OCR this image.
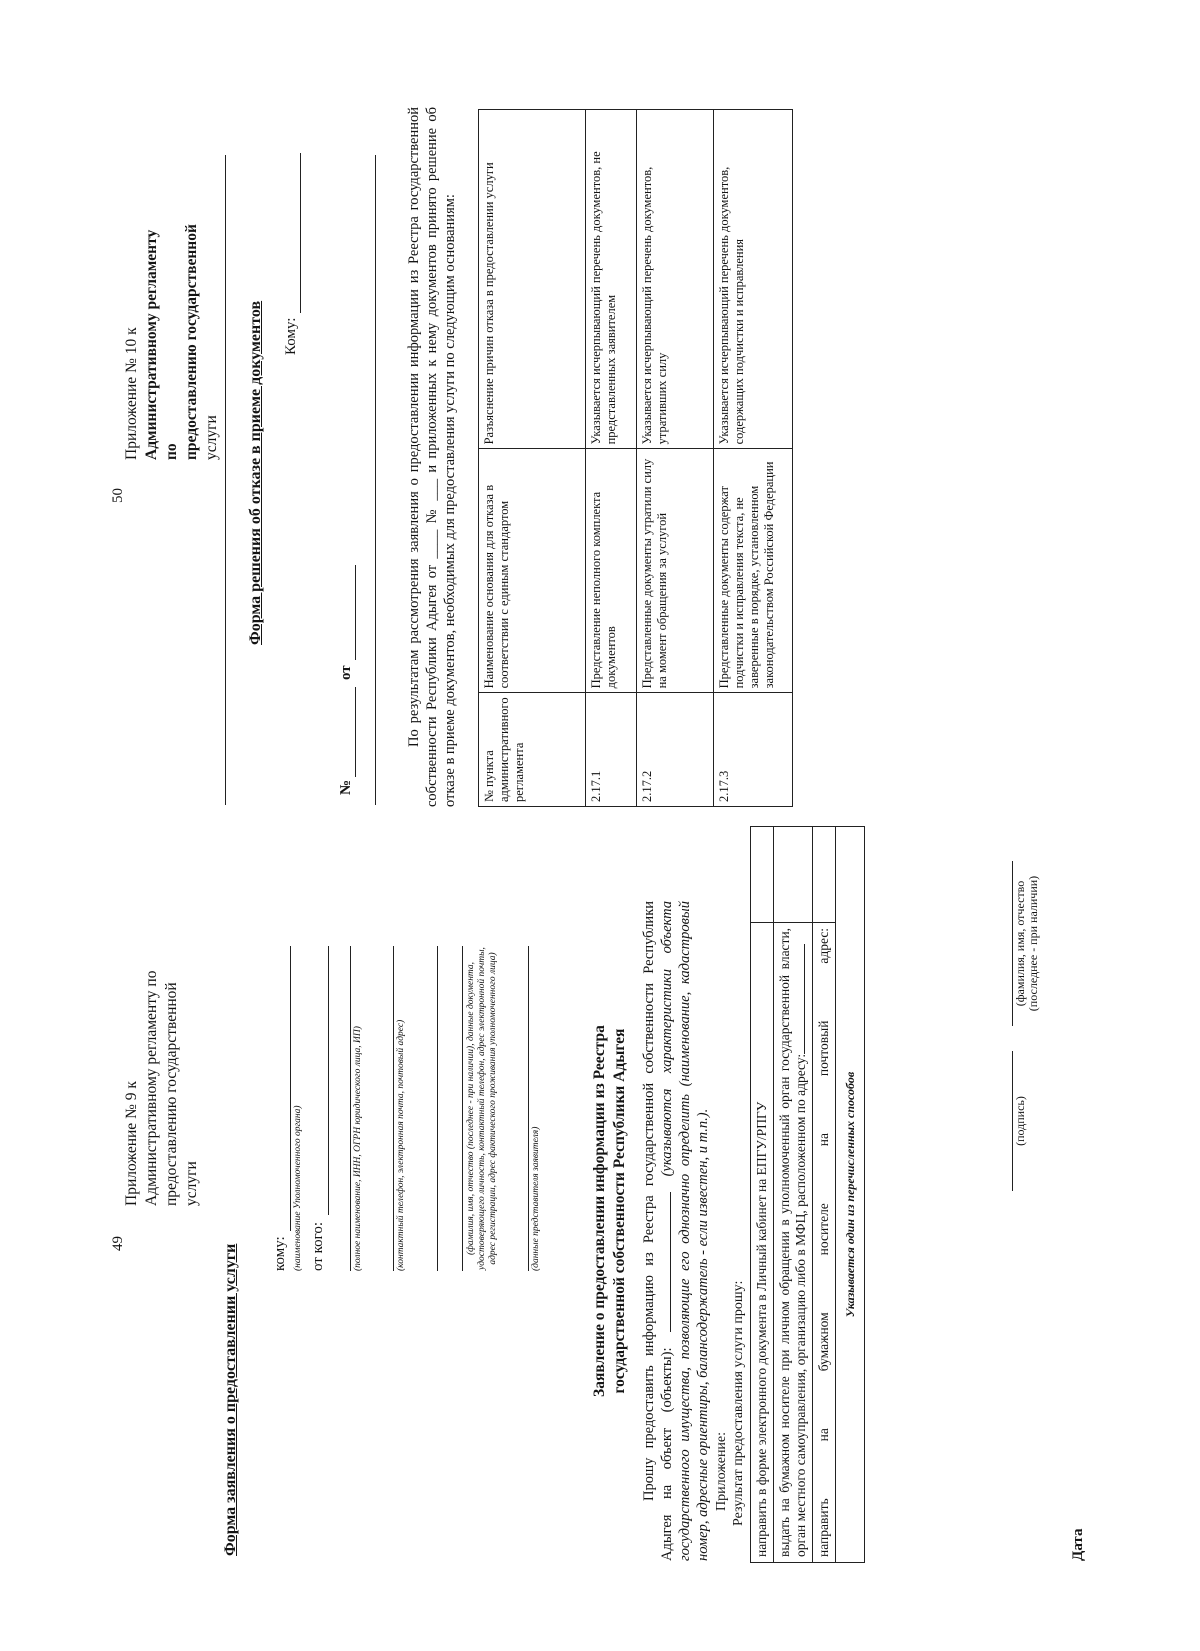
49
Приложение № 9 к Административному регламенту по предоставлению государственной услуги
Форма заявления о предоставлении услуги кому: (наименование Уполномоченного органа) от кого:	(полное наименование, ИНН, ОГРН юридического лица, ИП)	(контактный телефон, электронная почта, почтовый адрес)	(фамилия, имя, отчество (последнее - при наличии), данные документа, удостоверяющего личность, контактный телефон, адрес электронной почты, адрес регистрации, адрес фактического проживания уполномоченного лица)	(данные представителя заявителя)	Заявление о предоставлении информации из Реестра государственной собственности Республики Адыгея Прошу предоставить информацию из Реестра государственной собственности Республики Адыгея на объект (объекты):  (указываются характеристики объекта государственного имущества, позволяющие его однозначно определить (наименование, кадастровый номер, адресные ориентиры, балансодержатель - если известен, и т.п.). Приложение: Результат предоставления услуги прошу: направить в форме электронного документа в Личный кабинет на ЕПГУ/РПГУ	
выдать на бумажном носителе при личном обращении в уполномоченный орган государственной власти, орган местного самоуправления, организацию либо в МФЦ, расположенном по адресу:	
направить на бумажном носителе на почтовый адрес:	
Указывается один из перечисленных способов		(подпись)
(фамилия, имя, отчество (последнее - при наличии)
Дата
50
Приложение № 10 к Административному регламенту по предоставлению государственной услуги Форма решения об отказе в приеме документов Кому:
№
от	По результатам рассмотрения заявления о предоставлении информации из Реестра государственной собственности Республики Адыгея от ____ № ___ и приложенных к нему документов принято решение об отказе в приеме документов, необходимых для предоставления услуги по следующим основаниям: № пункта административного регламента	Наименование основания для отказа в соответствии с единым стандартом	Разъяснение причин отказа в предоставлении услуги
2.17.1	Представление неполного комплекта документов	Указывается исчерпывающий перечень документов, не представленных заявителем
2.17.2	Представленные документы утратили силу на момент обращения за услугой	Указывается исчерпывающий перечень документов, утративших силу
2.17.3	Представленные документы содержат подчистки и исправления текста, не заверенные в порядке, установленном законодательством Российской Федерации	Указывается исчерпывающий перечень документов, содержащих подчистки и исправления
